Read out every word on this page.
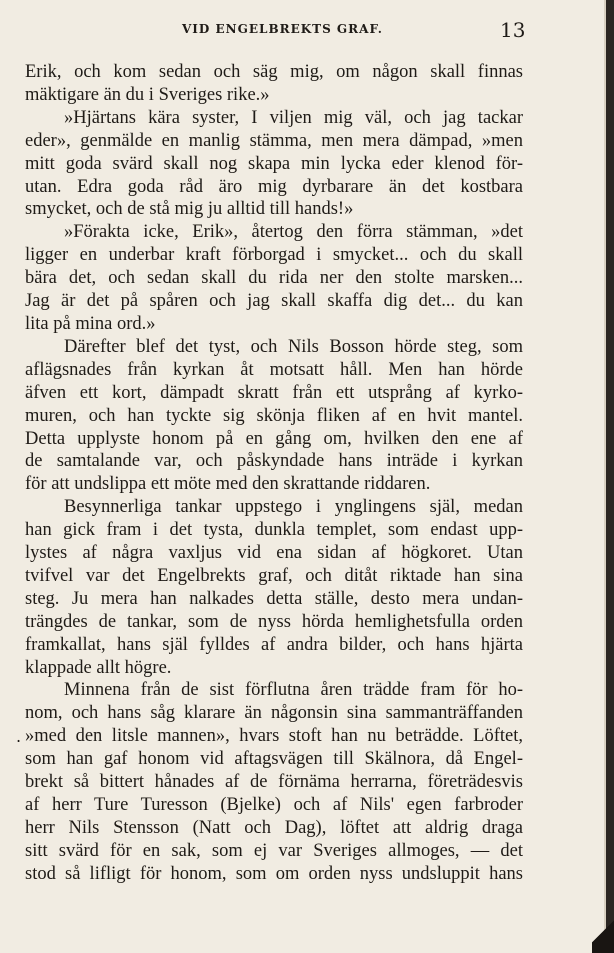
VID ENGELBREKTS GRAF.	13
.
Erik, och kom sedan och säg mig, om någon skall finnas
mäktigare än du i Sveriges rike.»
»Hjärtans kära syster, I viljen mig väl, och jag tackar
eder», genmälde en manlig stämma, men mera dämpad, »men
mitt goda svärd skall nog skapa min lycka eder klenod för-
utan. Edra goda råd äro mig dyrbarare än det kostbara
smycket, och de stå mig ju alltid till hands!»
»Förakta icke, Erik», återtog den förra stämman, »det
ligger en underbar kraft förborgad i smycket... och du skall
bära det, och sedan skall du rida ner den stolte marsken...
Jag är det på spåren och jag skall skaffa dig det... du kan
lita på mina ord.»
Därefter blef det tyst, och Nils Bosson hörde steg, som
aflägsnades från kyrkan åt motsatt håll. Men han hörde
äfven ett kort, dämpadt skratt från ett utsprång af kyrko-
muren, och han tyckte sig skönja fliken af en hvit mantel.
Detta upplyste honom på en gång om, hvilken den ene af
de samtalande var, och påskyndade hans inträde i kyrkan
för att undslippa ett möte med den skrattande riddaren.
Besynnerliga tankar uppstego i ynglingens själ, medan
han gick fram i det tysta, dunkla templet, som endast upp-
lystes af några vaxljus vid ena sidan af högkoret. Utan
tvifvel var det Engelbrekts graf, och ditåt riktade han sina
steg. Ju mera han nalkades detta ställe, desto mera undan-
trängdes de tankar, som de nyss hörda hemlighetsfulla orden
framkallat, hans själ fylldes af andra bilder, och hans hjärta
klappade allt högre.
Minnena från de sist förflutna åren trädde fram för ho-
nom, och hans såg klarare än någonsin sina sammanträffanden
»med den litsle mannen», hvars stoft han nu beträdde. Löftet,
som han gaf honom vid aftagsvägen till Skälnora, då Engel-
brekt så bittert hånades af de förnäma herrarna, företrädesvis
af herr Ture Turesson (Bjelke) och af Nils' egen farbroder
herr Nils Stensson (Natt och Dag), löftet att aldrig draga
sitt svärd för en sak, som ej var Sveriges allmoges, — det
stod så lifligt för honom, som om orden nyss undsluppit hans
